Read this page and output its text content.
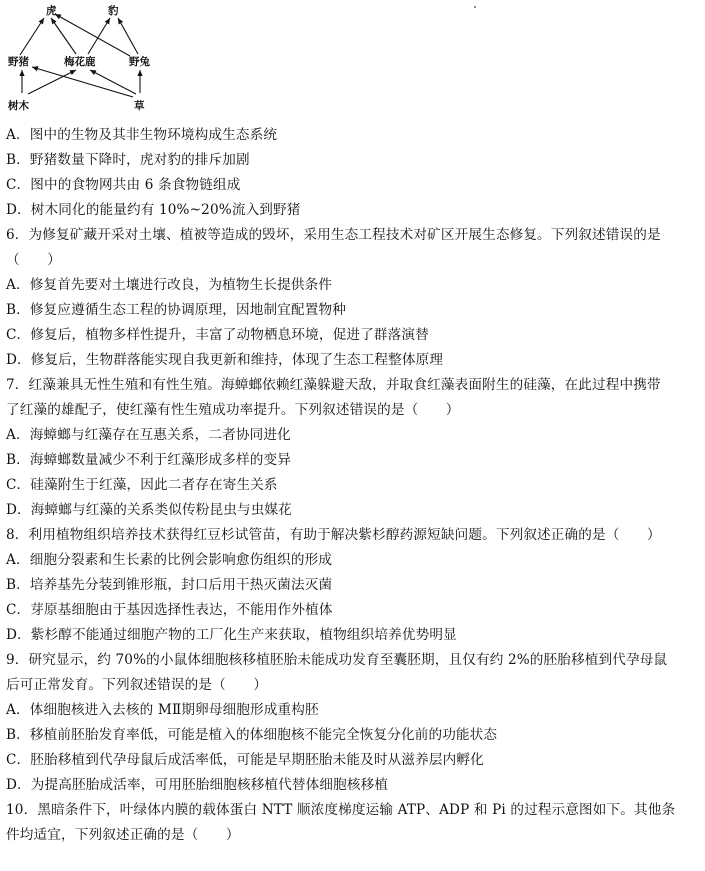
虎	豹
野猪	梅花鹿	野兔
树木	草
A．图中的生物及其非生物环境构成生态系统
B．野猪数量下降时，虎对豹的排斥加剧
C．图中的食物网共由 6 条食物链组成
D．树木同化的能量约有 10%~20%流入到野猪
6．为修复矿藏开采对土壤、植被等造成的毁坏，采用生态工程技术对矿区开展生态修复。下列叙述错误的是
（　　）
A．修复首先要对土壤进行改良，为植物生长提供条件
B．修复应遵循生态工程的协调原理，因地制宜配置物种
C．修复后，植物多样性提升，丰富了动物栖息环境，促进了群落演替
D．修复后，生物群落能实现自我更新和维持，体现了生态工程整体原理
7．红藻兼具无性生殖和有性生殖。海蟑螂依赖红藻躲避天敌，并取食红藻表面附生的硅藻，在此过程中携带
了红藻的雄配子，使红藻有性生殖成功率提升。下列叙述错误的是（　　）
A．海蟑螂与红藻存在互惠关系，二者协同进化
B．海蟑螂数量减少不利于红藻形成多样的变异
C．硅藻附生于红藻，因此二者存在寄生关系
D．海蟑螂与红藻的关系类似传粉昆虫与虫媒花
8．利用植物组织培养技术获得红豆杉试管苗，有助于解决紫杉醇药源短缺问题。下列叙述正确的是（　　）
A．细胞分裂素和生长素的比例会影响愈伤组织的形成
B．培养基先分装到锥形瓶，封口后用干热灭菌法灭菌
C．芽原基细胞由于基因选择性表达，不能用作外植体
D．紫杉醇不能通过细胞产物的工厂化生产来获取，植物组织培养优势明显
9．研究显示，约 70%的小鼠体细胞核移植胚胎未能成功发育至囊胚期，且仅有约 2%的胚胎移植到代孕母鼠
后可正常发育。下列叙述错误的是（　　）
A．体细胞核进入去核的 MⅡ期卵母细胞形成重构胚
B．移植前胚胎发育率低，可能是植入的体细胞核不能完全恢复分化前的功能状态
C．胚胎移植到代孕母鼠后成活率低，可能是早期胚胎未能及时从滋养层内孵化
D．为提高胚胎成活率，可用胚胎细胞核移植代替体细胞核移植
10．黑暗条件下，叶绿体内膜的载体蛋白 NTT 顺浓度梯度运输 ATP、ADP 和 Pi 的过程示意图如下。其他条
件均适宜，下列叙述正确的是（　　）
